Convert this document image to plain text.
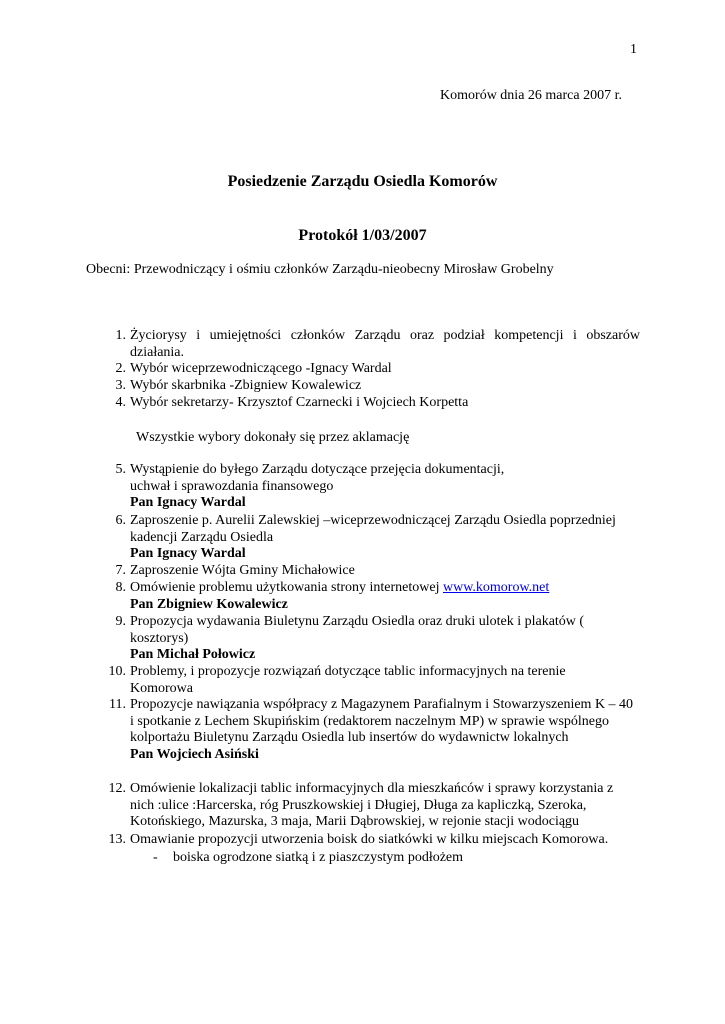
1
Komorów dnia 26 marca 2007 r.
Posiedzenie Zarządu Osiedla Komorów
Protokół 1/03/2007
Obecni: Przewodniczący i ośmiu członków Zarządu-nieobecny Mirosław Grobelny
1. Życiorysy i umiejętności członków Zarządu oraz podział kompetencji i obszarów działania.
2. Wybór wiceprzewodniczącego -Ignacy Wardal
3. Wybór skarbnika -Zbigniew Kowalewicz
4. Wybór sekretarzy- Krzysztof Czarnecki i Wojciech Korpetta
Wszystkie wybory dokonały się przez aklamację
5. Wystąpienie do byłego Zarządu dotyczące przejęcia dokumentacji, uchwał i sprawozdania finansowego
Pan Ignacy Wardal
6. Zaproszenie p. Aurelii Zalewskiej –wiceprzewodniczącej Zarządu Osiedla poprzedniej kadencji Zarządu Osiedla
Pan Ignacy Wardal
7. Zaproszenie Wójta Gminy Michałowice
8. Omówienie problemu użytkowania strony internetowej www.komorow.net
Pan Zbigniew Kowalewicz
9. Propozycja wydawania Biuletynu Zarządu Osiedla oraz druki ulotek i plakatów ( kosztorys)
Pan Michał Połowicz
10. Problemy, i propozycje rozwiązań dotyczące tablic informacyjnych na terenie Komorowa
11. Propozycje nawiązania współpracy z Magazynem Parafialnym i Stowarzyszeniem K – 40 i spotkanie z Lechem Skupińskim (redaktorem naczelnym MP) w sprawie wspólnego kolportażu Biuletynu Zarządu Osiedla lub insertów do wydawnictw lokalnych
Pan Wojciech Asiński
12. Omówienie lokalizacji tablic informacyjnych dla mieszkańców i sprawy korzystania z nich :ulice :Harcerska, róg Pruszkowskiej i Długiej, Długa za kapliczką, Szeroka, Kotońskiego, Mazurska, 3 maja, Marii Dąbrowskiej, w rejonie stacji wodociągu
13. Omawianie propozycji utworzenia boisk do siatkówki w kilku miejscach Komorowa.
- boiska ogrodzone siatką i z piaszczystym podłożem
